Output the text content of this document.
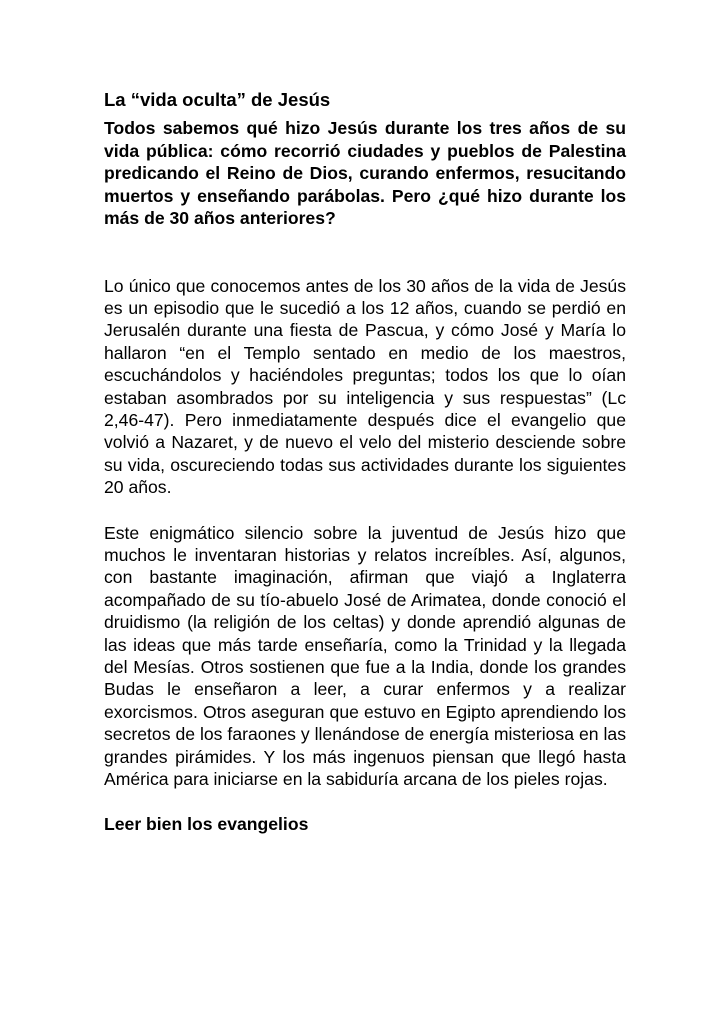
La “vida oculta” de Jesús

Todos sabemos qué hizo Jesús durante los tres años de su vida pública: cómo recorrió ciudades y pueblos de Palestina predicando el Reino de Dios, curando enfermos, resucitando muertos y enseñando parábolas. Pero ¿qué hizo durante los más de 30 años anteriores?

Lo único que conocemos antes de los 30 años de la vida de Jesús es un episodio que le sucedió a los 12 años, cuando se perdió en Jerusalén durante una fiesta de Pascua, y cómo José y María lo hallaron “en el Templo sentado en medio de los maestros, escuchándolos y haciéndoles preguntas; todos los que lo oían estaban asombrados por su inteligencia y sus respuestas” (Lc 2,46-47). Pero inmediatamente después dice el evangelio que volvió a Nazaret, y de nuevo el velo del misterio desciende sobre su vida, oscureciendo todas sus actividades durante los siguientes 20 años.

Este enigmático silencio sobre la juventud de Jesús hizo que muchos le inventaran historias y relatos increíbles. Así, algunos, con bastante imaginación, afirman que viajó a Inglaterra acompañado de su tío-abuelo José de Arimatea, donde conoció el druidismo (la religión de los celtas) y donde aprendió algunas de las ideas que más tarde enseñaría, como la Trinidad y la llegada del Mesías. Otros sostienen que fue a la India, donde los grandes Budas le enseñaron a leer, a curar enfermos y a realizar exorcismos. Otros aseguran que estuvo en Egipto aprendiendo los secretos de los faraones y llenándose de energía misteriosa en las grandes pirámides. Y los más ingenuos piensan que llegó hasta América para iniciarse en la sabiduría arcana de los pieles rojas.

Leer bien los evangelios
